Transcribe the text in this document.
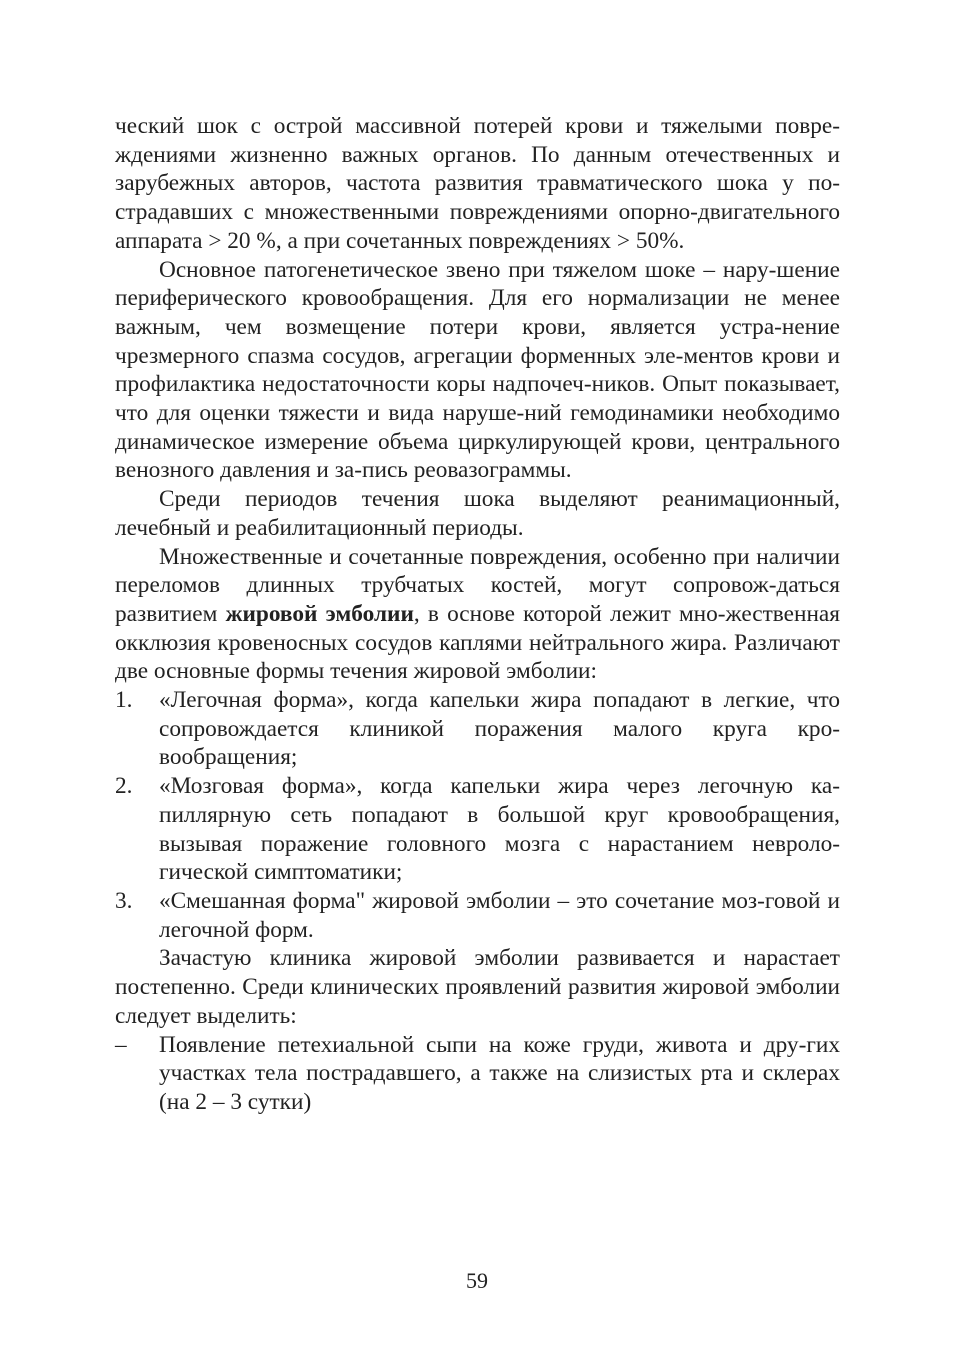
ческий шок с острой массивной потерей крови и тяжелыми повре-ждениями жизненно важных органов. По данным отечественных и зарубежных авторов, частота развития травматического шока у по-страдавших с множественными повреждениями опорно-двигательного аппарата > 20 %, а при сочетанных повреждениях > 50%.

Основное патогенетическое звено при тяжелом шоке – нару-шение периферического кровообращения. Для его нормализации не менее важным, чем возмещение потери крови, является устра-нение чрезмерного спазма сосудов, агрегации форменных эле-ментов крови и профилактика недостаточности коры надпочеч-ников. Опыт показывает, что для оценки тяжести и вида наруше-ний гемодинамики необходимо динамическое измерение объема циркулирующей крови, центрального венозного давления и за-пись реовазограммы.

Среди периодов течения шока выделяют реанимационный, лечебный и реабилитационный периоды.

Множественные и сочетанные повреждения, особенно при наличии переломов длинных трубчатых костей, могут сопровож-даться развитием жировой эмболии, в основе которой лежит мно-жественная окклюзия кровеносных сосудов каплями нейтрального жира. Различают две основные формы течения жировой эмболии:

1. «Легочная форма», когда капельки жира попадают в легкие, что сопровождается клиникой поражения малого круга кро-вообращения;

2. «Мозговая форма», когда капельки жира через легочную ка-пиллярную сеть попадают в большой круг кровообращения, вызывая поражение головного мозга с нарастанием невроло-гической симптоматики;

3. «Смешанная форма" жировой эмболии – это сочетание моз-говой и легочной форм.

Зачастую клиника жировой эмболии развивается и нарастает постепенно. Среди клинических проявлений развития жировой эмболии следует выделить:

– Появление петехиальной сыпи на коже груди, живота и дру-гих участках тела пострадавшего, а также на слизистых рта и склерах (на 2 – 3 сутки)

59
